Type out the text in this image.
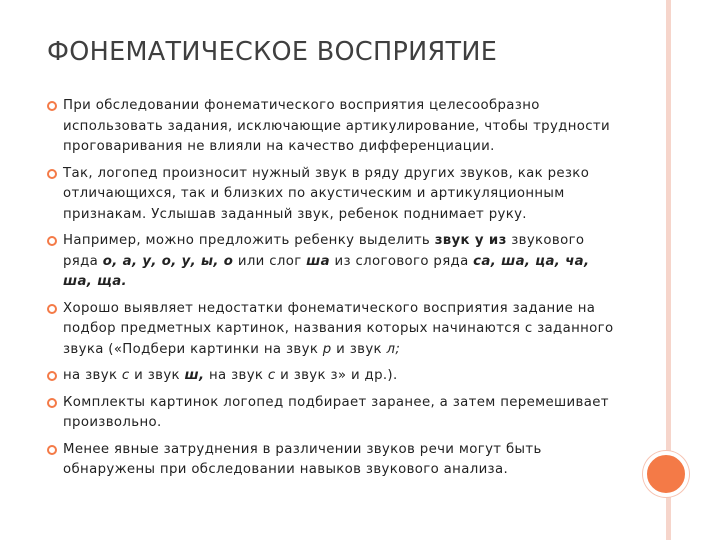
ФОНЕМАТИЧЕСКОЕ ВОСПРИЯТИЕ
При обследовании фонематического восприятия целесообразно использовать задания, исключающие артикулирование, чтобы трудности проговаривания не влияли на качество дифференциации.
Так, логопед произносит нужный звук в ряду других звуков, как резко отличающихся, так и близких по акустическим и артикуляционным признакам. Услышав заданный звук, ребенок поднимает руку.
Например, можно предложить ребенку выделить звук у из звукового ряда о, а, у, о, у, ы, о или слог ша из слогового ряда са, ша, ца, ча, ша, ща.
Хорошо выявляет недостатки фонематического восприятия задание на подбор предметных картинок, названия которых начинаются с заданного звука («Подбери картинки на звук р и звук л;
на звук с и звук ш, на звук с и звук з» и др.).
Комплекты картинок логопед подбирает заранее, а затем перемешивает произвольно.
Менее явные затруднения в различении звуков речи могут быть обнаружены при обследовании навыков звукового анализа.
